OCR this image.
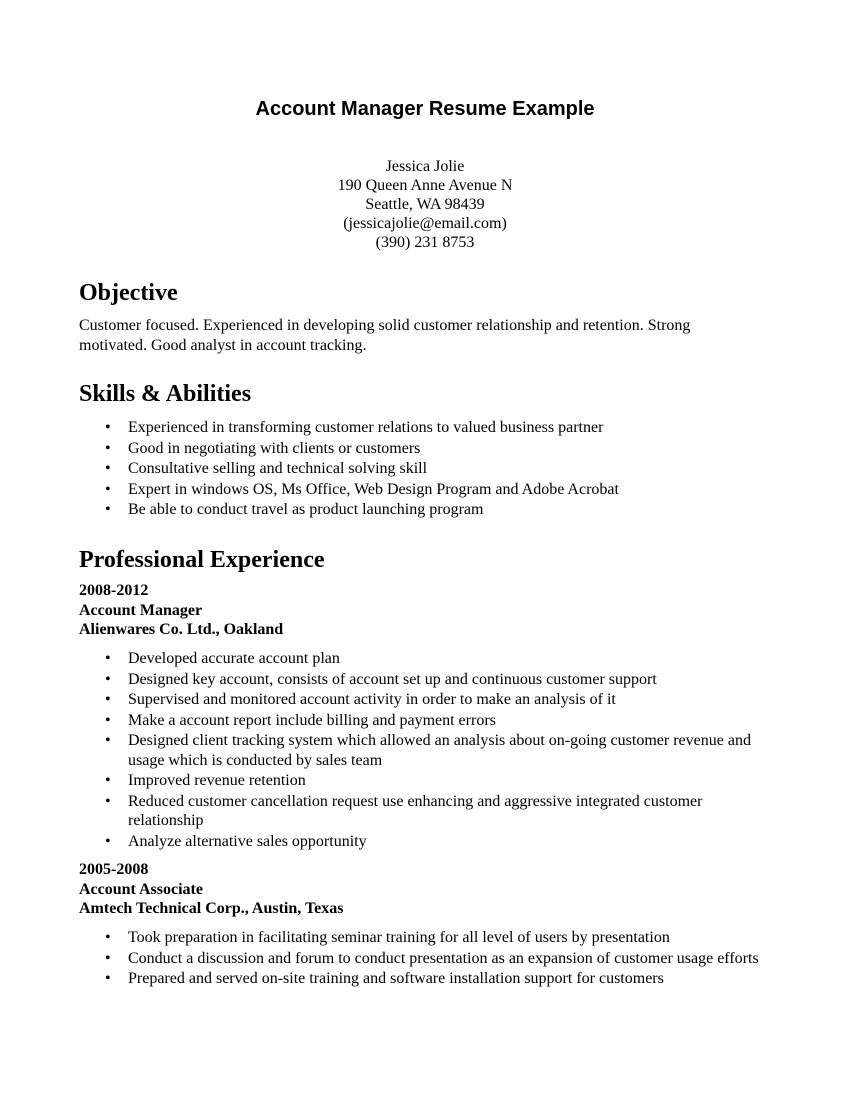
Account Manager Resume Example
Jessica Jolie
190 Queen Anne Avenue N
Seattle, WA 98439
(jessicajolie@email.com)
(390) 231 8753
Objective

Customer focused. Experienced in developing solid customer relationship and retention. Strong motivated. Good analyst in account tracking.

Skills & Abilities
• Experienced in transforming customer relations to valued business partner
• Good in negotiating with clients or customers
• Consultative selling and technical solving skill
• Expert in windows OS, Ms Office, Web Design Program and Adobe Acrobat
• Be able to conduct travel as product launching program
Professional Experience
2008-2012
Account Manager
Alienwares Co. Ltd., Oakland
• Developed accurate account plan
• Designed key account, consists of account set up and continuous customer support
• Supervised and monitored account activity in order to make an analysis of it
• Make a account report include billing and payment errors
• Designed client tracking system which allowed an analysis about on-going customer revenue and usage which is conducted by sales team
• Improved revenue retention
• Reduced customer cancellation request use enhancing and aggressive integrated customer relationship
• Analyze alternative sales opportunity
2005-2008
Account Associate
Amtech Technical Corp., Austin, Texas
• Took preparation in facilitating seminar training for all level of users by presentation
• Conduct a discussion and forum to conduct presentation as an expansion of customer usage efforts
• Prepared and served on-site training and software installation support for customers
